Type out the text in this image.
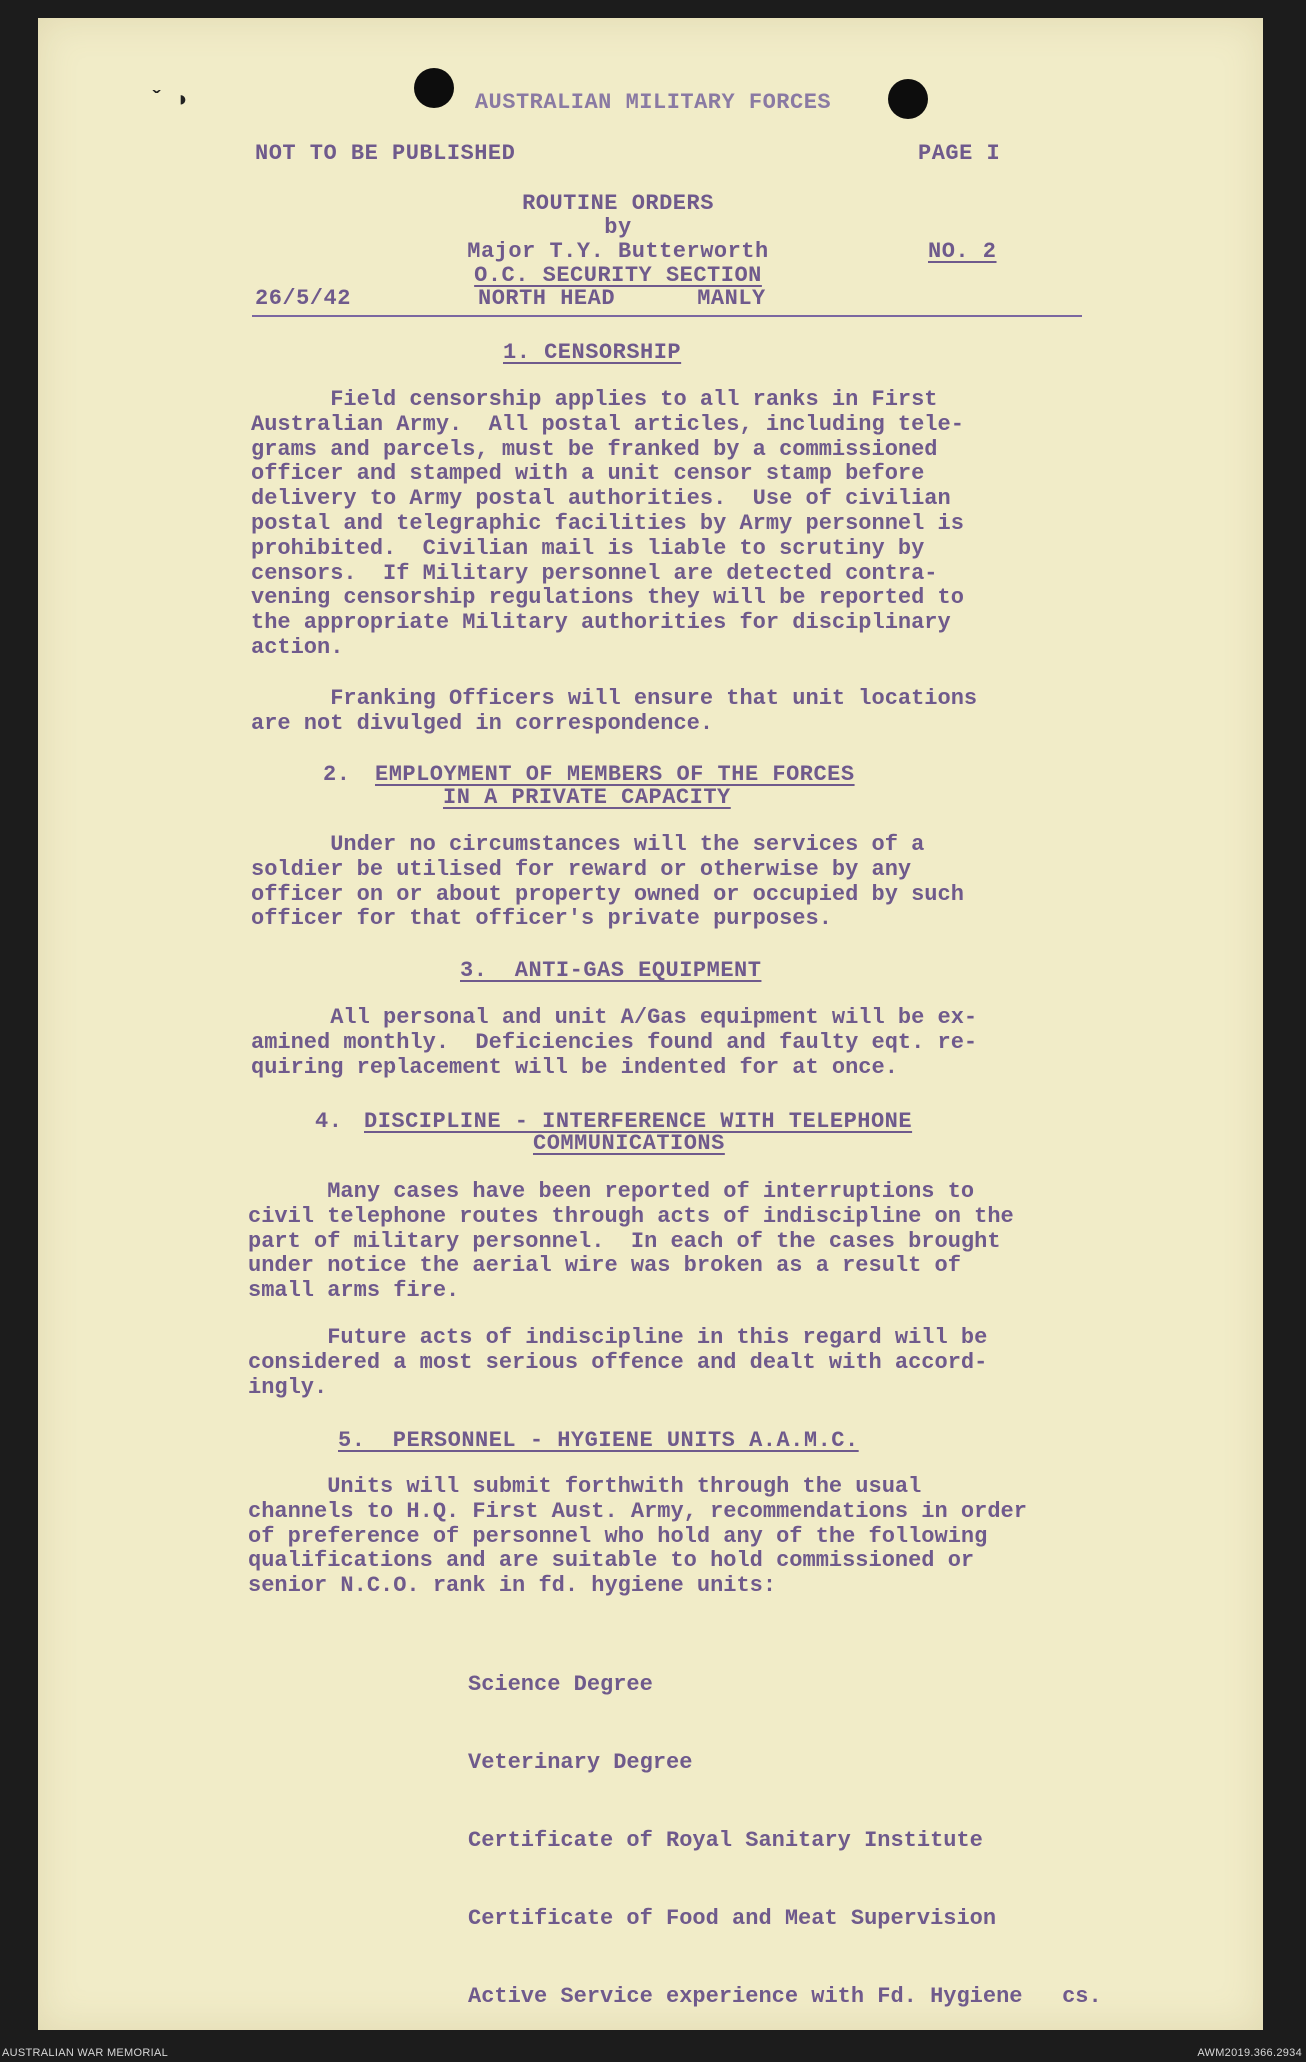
ˇ ◗	AUSTRALIAN MILITARY FORCES
NOT TO BE PUBLISHED	PAGE I
ROUTINE ORDERS
by
Major T.Y. Butterworth	NO. 2
O.C. SECURITY SECTION
26/5/42	NORTH HEAD      MANLY
1. CENSORSHIP
Field censorship applies to all ranks in First
Australian Army.  All postal articles, including tele-
grams and parcels, must be franked by a commissioned
officer and stamped with a unit censor stamp before
delivery to Army postal authorities.  Use of civilian
postal and telegraphic facilities by Army personnel is
prohibited.  Civilian mail is liable to scrutiny by
censors.  If Military personnel are detected contra-
vening censorship regulations they will be reported to
the appropriate Military authorities for disciplinary
action.
Franking Officers will ensure that unit locations
are not divulged in correspondence.
2. EMPLOYMENT OF MEMBERS OF THE FORCES
IN A PRIVATE CAPACITY
Under no circumstances will the services of a
soldier be utilised for reward or otherwise by any
officer on or about property owned or occupied by such
officer for that officer's private purposes.
3.  ANTI-GAS EQUIPMENT
All personal and unit A/Gas equipment will be ex-
amined monthly.  Deficiencies found and faulty eqt. re-
quiring replacement will be indented for at once.
4. DISCIPLINE - INTERFERENCE WITH TELEPHONE
COMMUNICATIONS
Many cases have been reported of interruptions to
civil telephone routes through acts of indiscipline on the
part of military personnel.  In each of the cases brought
under notice the aerial wire was broken as a result of
small arms fire.
Future acts of indiscipline in this regard will be
considered a most serious offence and dealt with accord-
ingly.
5.  PERSONNEL - HYGIENE UNITS A.A.M.C.
Units will submit forthwith through the usual
channels to H.Q. First Aust. Army, recommendations in order
of preference of personnel who hold any of the following
qualifications and are suitable to hold commissioned or
senior N.C.O. rank in fd. hygiene units:

Science Degree

Veterinary Degree

Certificate of Royal Sanitary Institute

Certificate of Food and Meat Supervision

Active Service experience with Fd. Hygiene   cs.

AUSTRALIAN WAR MEMORIAL	AWM2019.366.2934
